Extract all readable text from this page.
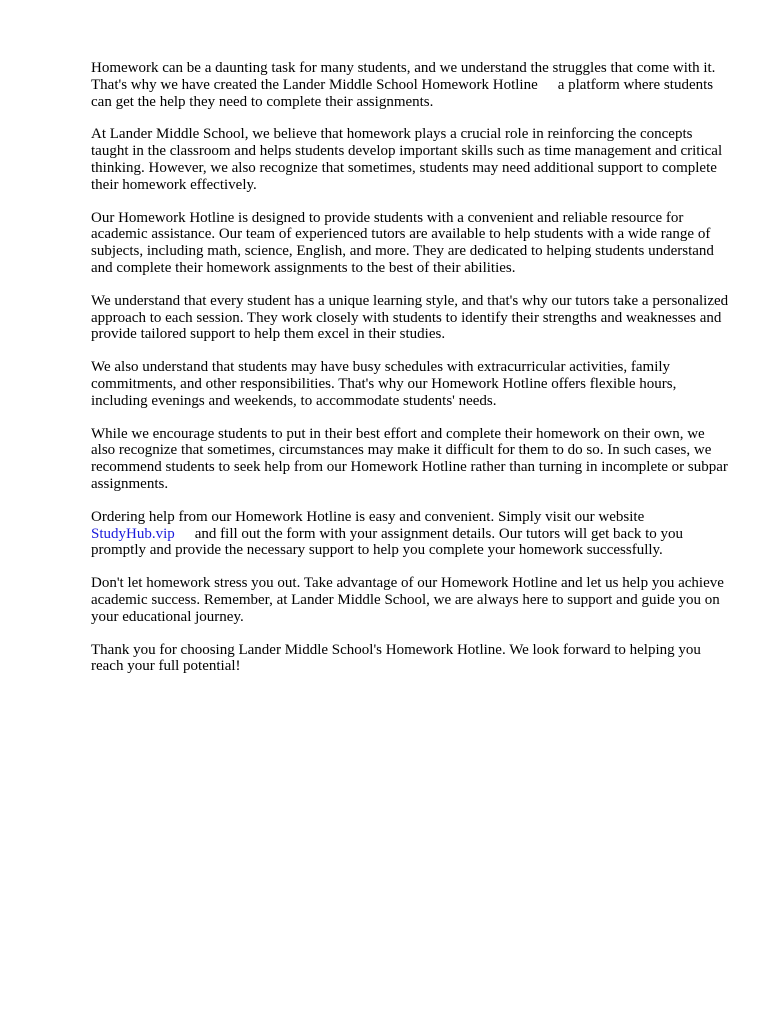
Homework can be a daunting task for many students, and we understand the struggles that come with it. That's why we have created the Lander Middle School Homework Hotline a platform where students can get the help they need to complete their assignments.

At Lander Middle School, we believe that homework plays a crucial role in reinforcing the concepts taught in the classroom and helps students develop important skills such as time management and critical thinking. However, we also recognize that sometimes, students may need additional support to complete their homework effectively.

Our Homework Hotline is designed to provide students with a convenient and reliable resource for academic assistance. Our team of experienced tutors are available to help students with a wide range of subjects, including math, science, English, and more. They are dedicated to helping students understand and complete their homework assignments to the best of their abilities.

We understand that every student has a unique learning style, and that's why our tutors take a personalized approach to each session. They work closely with students to identify their strengths and weaknesses and provide tailored support to help them excel in their studies.

We also understand that students may have busy schedules with extracurricular activities, family commitments, and other responsibilities. That's why our Homework Hotline offers flexible hours, including evenings and weekends, to accommodate students' needs.

While we encourage students to put in their best effort and complete their homework on their own, we also recognize that sometimes, circumstances may make it difficult for them to do so. In such cases, we recommend students to seek help from our Homework Hotline rather than turning in incomplete or subpar assignments.

Ordering help from our Homework Hotline is easy and convenient. Simply visit our website
StudyHub.vip and fill out the form with your assignment details. Our tutors will get back to you promptly and provide the necessary support to help you complete your homework successfully.

Don't let homework stress you out. Take advantage of our Homework Hotline and let us help you achieve academic success. Remember, at Lander Middle School, we are always here to support and guide you on your educational journey.

Thank you for choosing Lander Middle School's Homework Hotline. We look forward to helping you reach your full potential!
